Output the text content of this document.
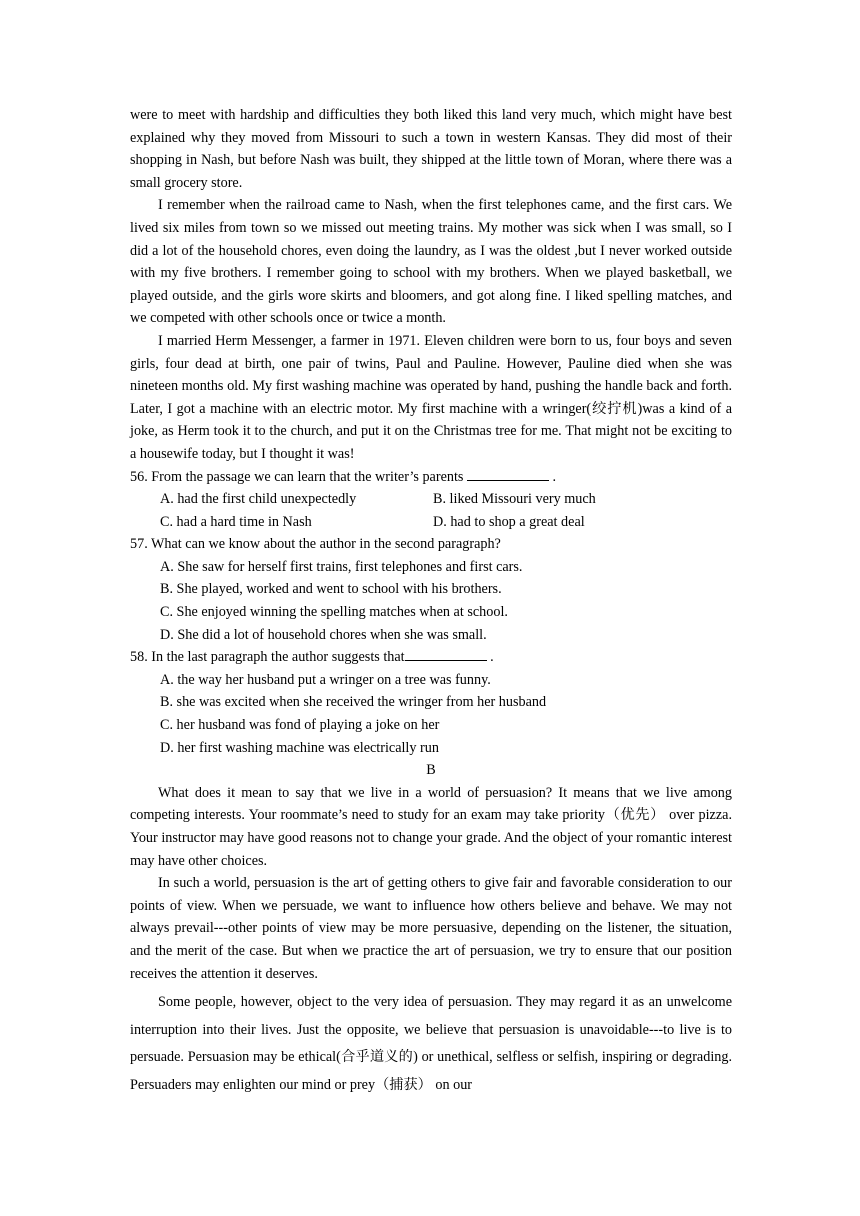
were to meet with hardship and difficulties they both liked this land very much, which might have best explained why they moved from Missouri to such a town in western Kansas. They did most of their shopping in Nash, but before Nash was built, they shipped at the little town of Moran, where there was a small grocery store.

I remember when the railroad came to Nash, when the first telephones came, and the first cars. We lived six miles from town so we missed out meeting trains. My mother was sick when I was small, so I did a lot of the household chores, even doing the laundry, as I was the oldest ,but I never worked outside with my five brothers. I remember going to school with my brothers. When we played basketball, we played outside, and the girls wore skirts and bloomers, and got along fine. I liked spelling matches, and we competed with other schools once or twice a month.

I married Herm Messenger, a farmer in 1971. Eleven children were born to us, four boys and seven girls, four dead at birth, one pair of twins, Paul and Pauline. However, Pauline died when she was nineteen months old. My first washing machine was operated by hand, pushing the handle back and forth. Later, I got a machine with an electric motor. My first machine with a wringer(绞拧机)was a kind of a joke, as Herm took it to the church, and put it on the Christmas tree for me. That might not be exciting to a housewife today, but I thought it was!

56. From the passage we can learn that the writer’s parents	.

A. had the first child unexpectedly	B. liked Missouri very much
C. had a hard time in Nash	D. had to shop a great deal

57. What can we know about the author in the second paragraph?

A. She saw for herself first trains, first telephones and first cars.

B. She played, worked and went to school with his brothers.

C. She enjoyed winning the spelling matches when at school.

D. She did a lot of household chores when she was small.

58. In the last paragraph the author suggests that	.

A. the way her husband put a wringer on a tree was funny.

B. she was excited when she received the wringer from her husband

C. her husband was fond of playing a joke on her

D. her first washing machine was electrically run

B

What does it mean to say that we live in a world of persuasion? It means that we live among competing interests. Your roommate’s need to study for an exam may take priority（优先） over pizza. Your instructor may have good reasons not to change your grade. And the object of your romantic interest may have other choices.

In such a world, persuasion is the art of getting others to give fair and favorable consideration to our points of view. When we persuade, we want to influence how others believe and behave. We may not always prevail---other points of view may be more persuasive, depending on the listener, the situation, and the merit of the case. But when we practice the art of persuasion, we try to ensure that our position receives the attention it deserves.

Some people, however, object to the very idea of persuasion. They may regard it as an unwelcome interruption into their lives. Just the opposite, we believe that persuasion is unavoidable---to live is to persuade. Persuasion may be ethical(合乎道义的) or unethical, selfless or selfish, inspiring or degrading. Persuaders may enlighten our mind or prey（捕获） on our
